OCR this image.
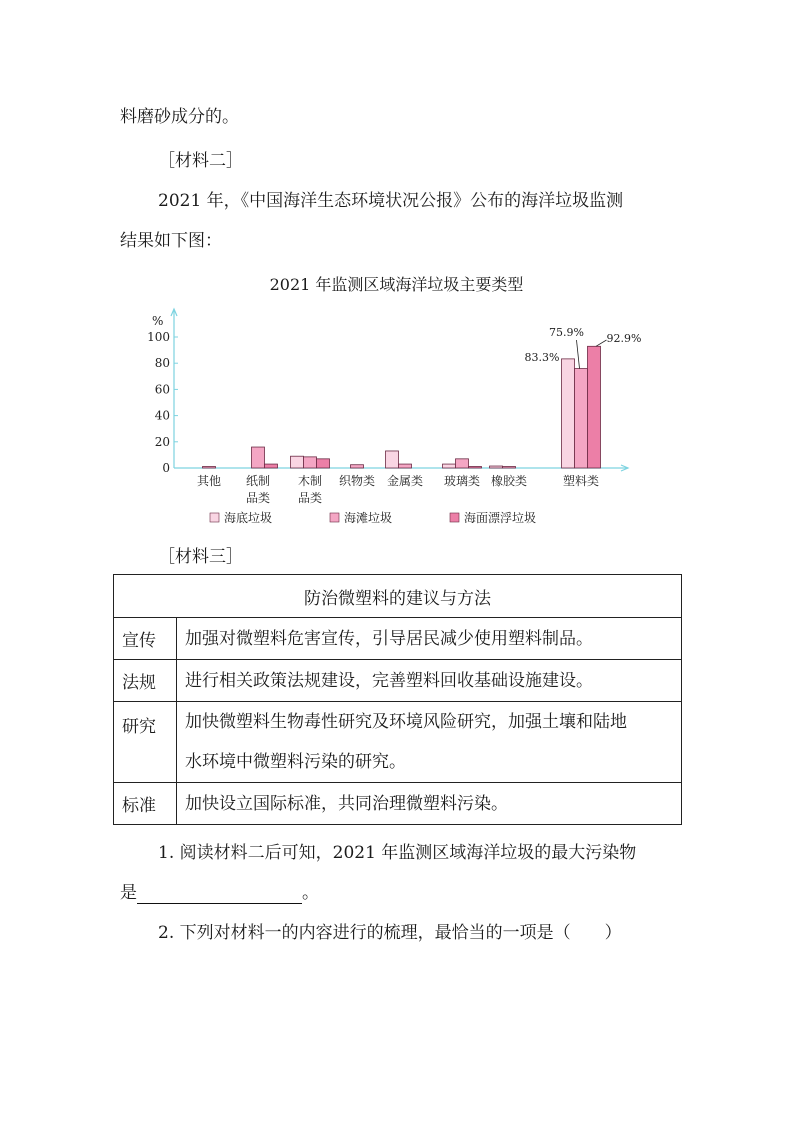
料磨砂成分的。
［材料二］
2021 年，《中国海洋生态环境状况公报》公布的海洋垃圾监测
结果如下图：
2021 年监测区域海洋垃圾主要类型
%
0
20
40
60
80
100
其他 纸制
品类
木制
品类
织物类 金属类 玻璃类 橡胶类	塑料类
83.3%
75.9% 92.9%
海底垃圾	海滩垃圾	海面漂浮垃圾
［材料三］
防治微塑料的建议与方法	
宣传	加强对微塑料危害宣传，引导居民减少使用塑料制品。
法规	进行相关政策法规建设，完善塑料回收基础设施建设。
研究	加快微塑料生物毒性研究及环境风险研究，加强土壤和陆地
水环境中微塑料污染的研究。

标准	加快设立国际标准，共同治理微塑料污染。
1. 阅读材料二后可知，2021 年监测区域海洋垃圾的最大污染物
是	。
2. 下列对材料一的内容进行的梳理，最恰当的一项是（ ）
